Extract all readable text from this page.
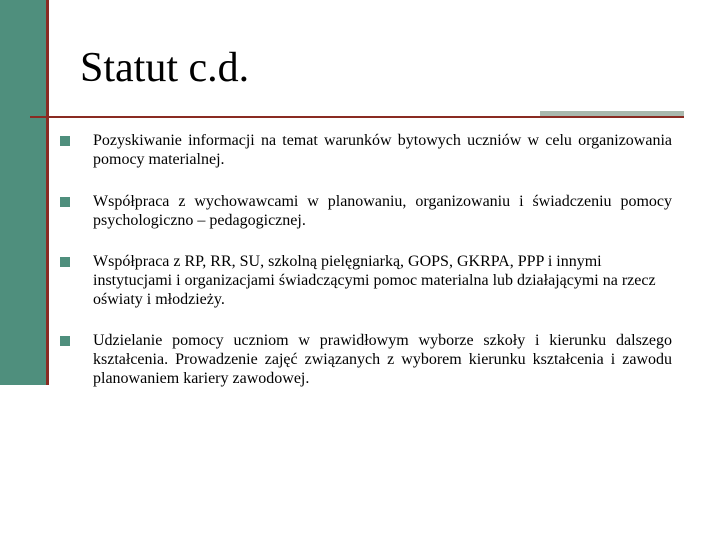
Statut c.d.
Pozyskiwanie informacji na temat warunków bytowych uczniów w celu organizowania pomocy materialnej.
Współpraca z wychowawcami w planowaniu, organizowaniu i świadczeniu pomocy psychologiczno – pedagogicznej.
Współpraca z RP, RR, SU, szkolną pielęgniarką, GOPS, GKRPA, PPP i innymi instytucjami i organizacjami świadczącymi pomoc materialna lub działającymi na rzecz oświaty i młodzieży.
Udzielanie pomocy uczniom w prawidłowym wyborze szkoły i kierunku dalszego kształcenia. Prowadzenie zajęć związanych z wyborem kierunku kształcenia i zawodu planowaniem kariery zawodowej.
